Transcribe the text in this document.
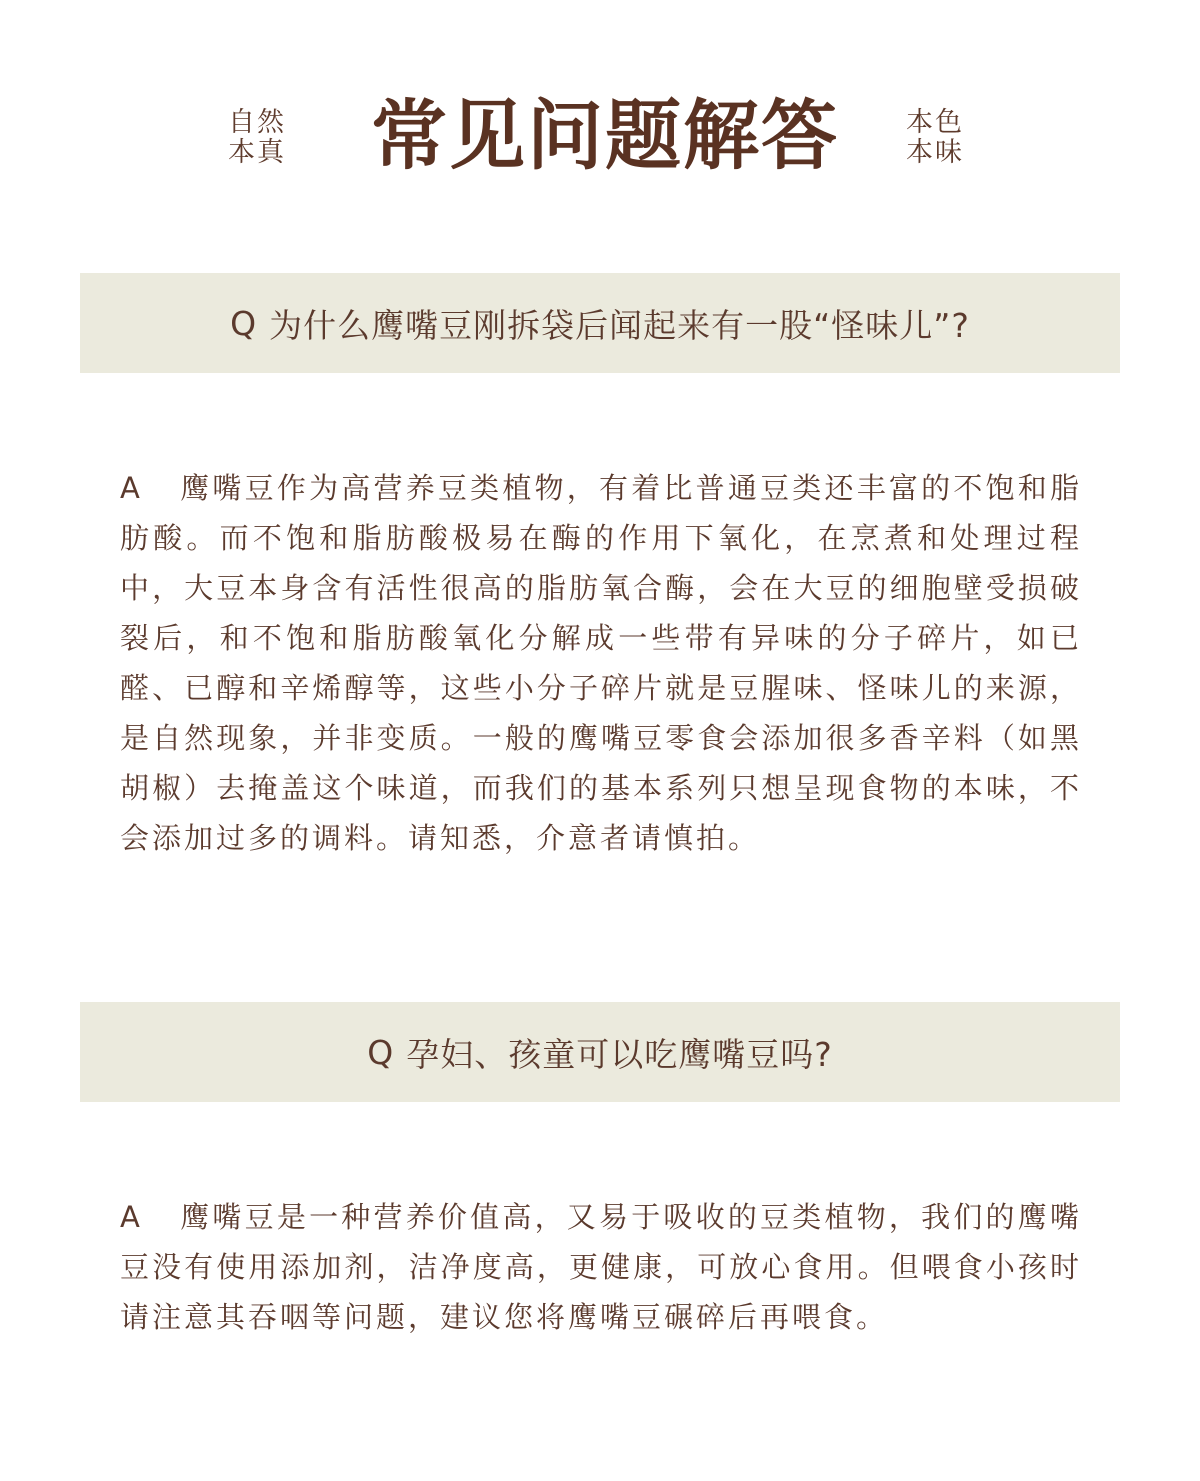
自然
本真	常见问题解答	本色
本味
Q 为什么鹰嘴豆刚拆袋后闻起来有一股“怪味儿”?
A 鹰嘴豆作为高营养豆类植物，有着比普通豆类还丰富的不饱和脂肪酸。而不饱和脂肪酸极易在酶的作用下氧化，在烹煮和处理过程中，大豆本身含有活性很高的脂肪氧合酶，会在大豆的细胞壁受损破裂后，和不饱和脂肪酸氧化分解成一些带有异味的分子碎片，如已醛、已醇和辛烯醇等，这些小分子碎片就是豆腥味、怪味儿的来源，是自然现象，并非变质。一般的鹰嘴豆零食会添加很多香辛料（如黑胡椒）去掩盖这个味道，而我们的基本系列只想呈现食物的本味，不会添加过多的调料。请知悉，介意者请慎拍。
Q 孕妇、孩童可以吃鹰嘴豆吗?
A 鹰嘴豆是一种营养价值高，又易于吸收的豆类植物，我们的鹰嘴豆没有使用添加剂，洁净度高，更健康，可放心食用。但喂食小孩时请注意其吞咽等问题，建议您将鹰嘴豆碾碎后再喂食。
